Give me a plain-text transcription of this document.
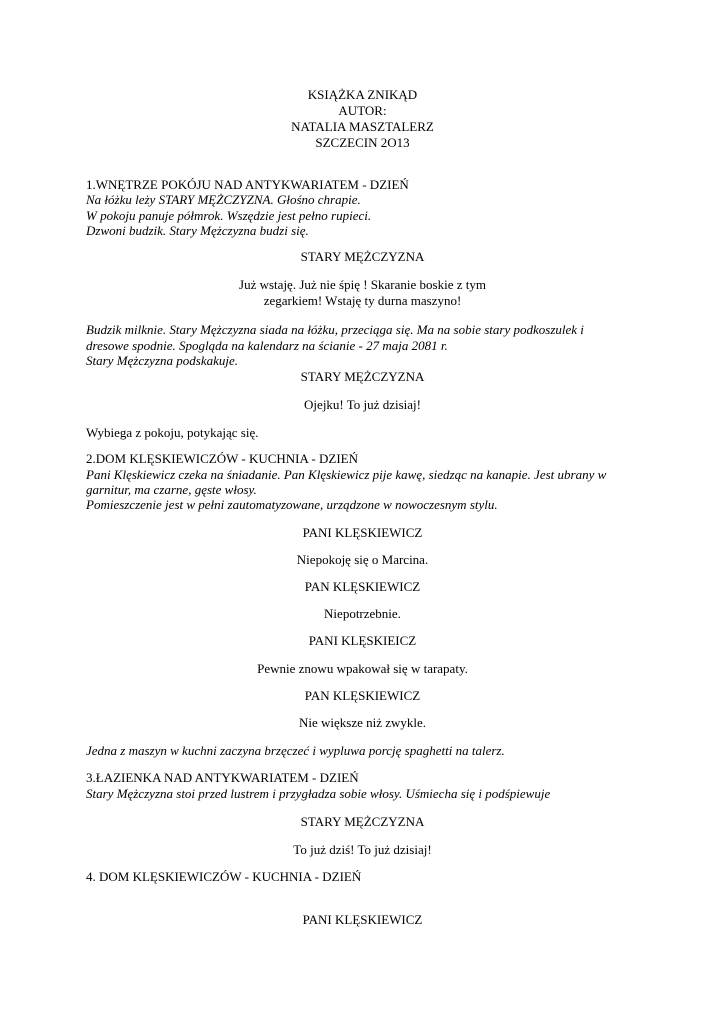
KSIĄŻKA ZNIKĄD
AUTOR:
NATALIA MASZTALERZ
SZCZECIN 2O13
1.WNĘTRZE POKÓJU NAD ANTYKWARIATEM - DZIEŃ
Na łóżku leży STARY MĘŻCZYZNA. Głośno chrapie.
W pokoju panuje półmrok. Wszędzie jest pełno rupieci.
Dzwoni budzik. Stary Mężczyzna budzi się.
STARY MĘŻCZYZNA
Już wstaję. Już nie śpię ! Skaranie boskie z tym
zegarkiem! Wstaję ty durna maszyno!
Budzik milknie. Stary Mężczyzna siada na łóżku, przeciąga się. Ma na sobie stary podkoszulek i
dresowe spodnie. Spogląda na kalendarz na ścianie - 27 maja 2081 r.
Stary Mężczyzna podskakuje.
STARY MĘŻCZYZNA
Ojejku! To już dzisiaj!
Wybiega z pokoju, potykając się.
2.DOM KLĘSKIEWICZÓW - KUCHNIA - DZIEŃ
Pani Klęskiewicz czeka na śniadanie. Pan Klęskiewicz pije kawę, siedząc na kanapie. Jest ubrany w
garnitur, ma czarne, gęste włosy.
Pomieszczenie jest w pełni zautomatyzowane, urządzone w nowoczesnym stylu.
PANI KLĘSKIEWICZ
Niepokoję się o Marcina.
PAN KLĘSKIEWICZ
Niepotrzebnie.
PANI KLĘSKIEICZ
Pewnie znowu wpakował się w tarapaty.
PAN KLĘSKIEWICZ
Nie większe niż zwykle.
Jedna z maszyn w kuchni zaczyna brzęczeć i wypluwa porcję spaghetti na talerz.
3.ŁAZIENKA NAD ANTYKWARIATEM - DZIEŃ
Stary Mężczyzna stoi przed lustrem i przygładza sobie włosy. Uśmiecha się i podśpiewuje
STARY MĘŻCZYZNA
To już dziś! To już dzisiaj!
4. DOM KLĘSKIEWICZÓW - KUCHNIA - DZIEŃ
PANI KLĘSKIEWICZ
